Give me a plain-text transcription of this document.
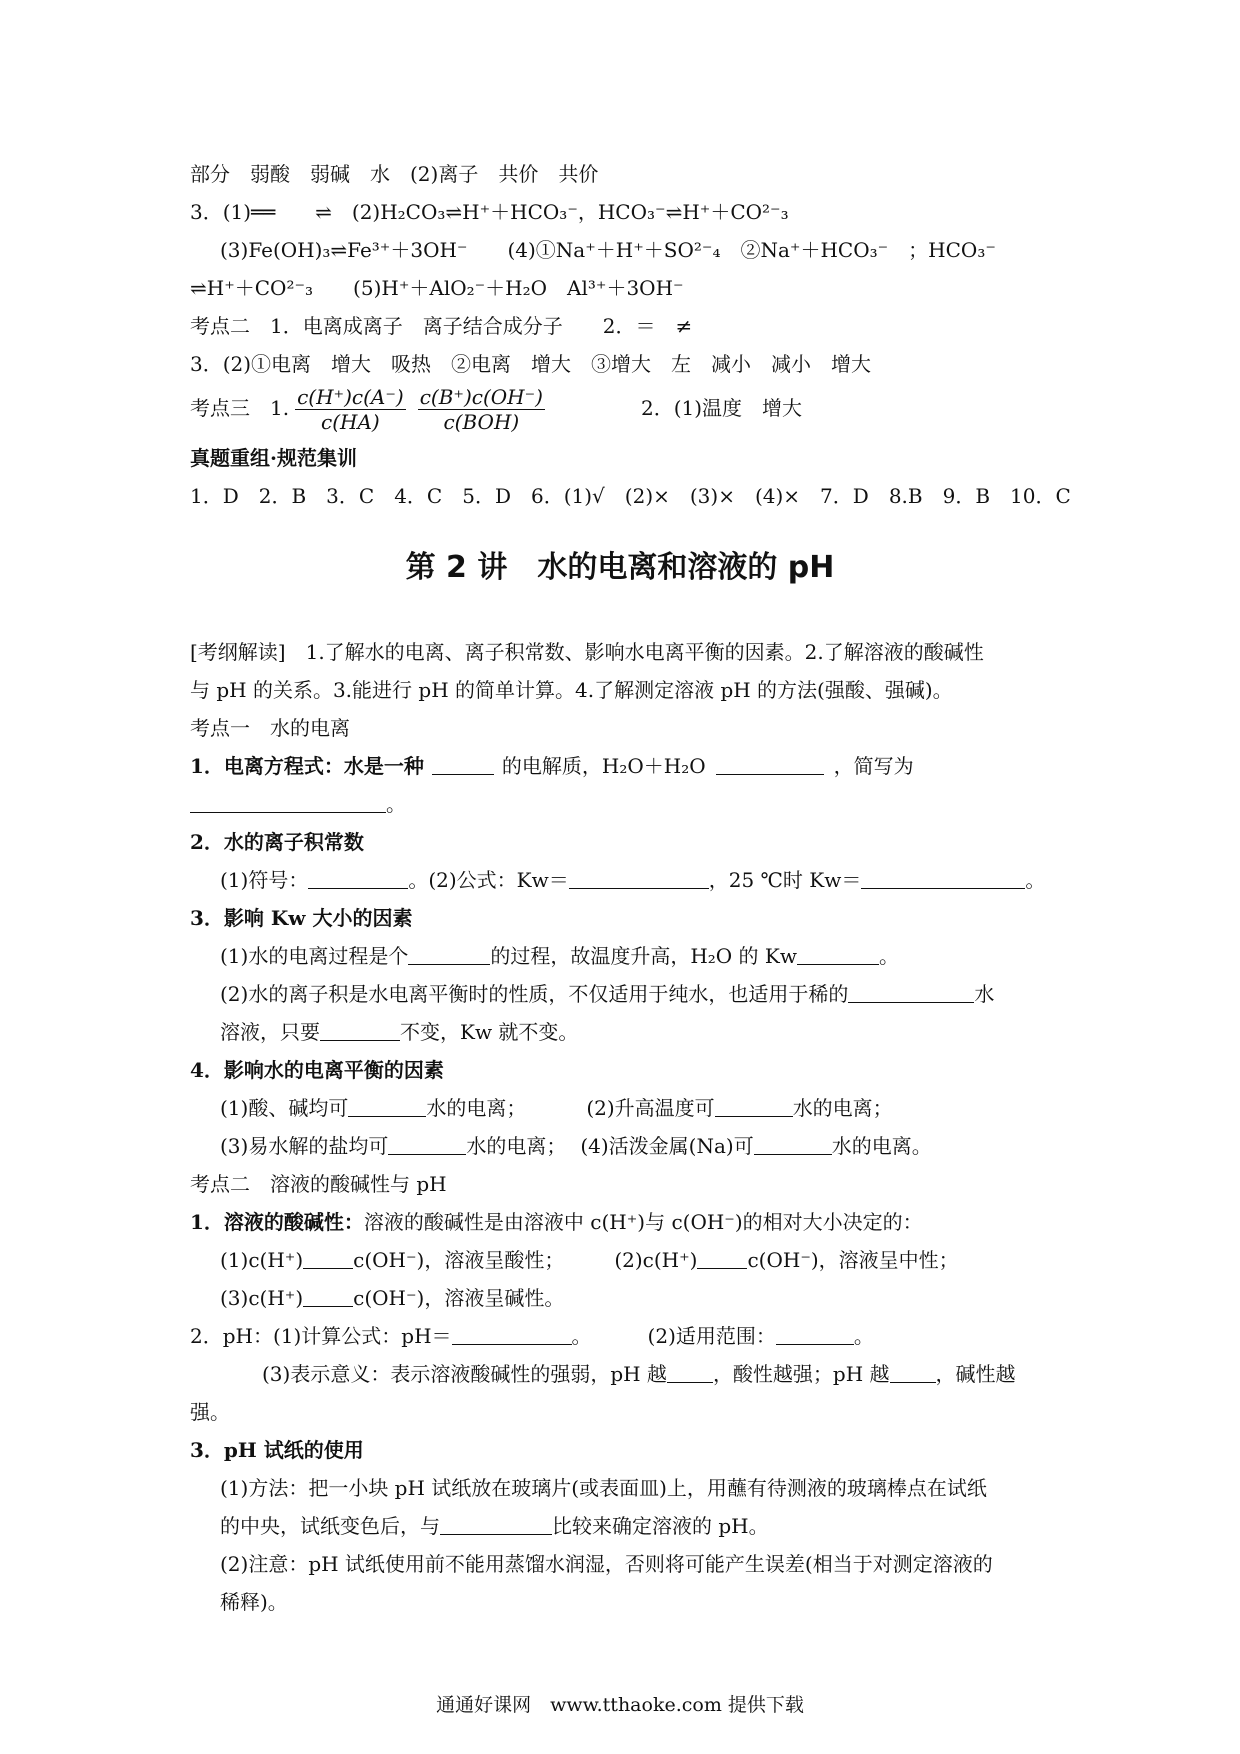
部分　弱酸　弱碱　水　(2)离子　共价　共价
3．(1)══　　⇌　(2)H₂CO₃⇌H⁺＋HCO₃⁻，HCO₃⁻⇌H⁺＋CO²⁻₃
(3)Fe(OH)₃⇌Fe³⁺＋3OH⁻　　(4)①Na⁺＋H⁺＋SO²⁻₄　②Na⁺＋HCO₃⁻　；HCO₃⁻
⇌H⁺＋CO²⁻₃　　(5)H⁺＋AlO₂⁻＋H₂O　Al³⁺＋3OH⁻
考点二　1．电离成离子　离子结合成分子　　2．＝　≠
3．(2)①电离　增大　吸热　②电离　增大　③增大　左　减小　减小　增大
考点三　1. $\frac{c(H^+)c(A^-)}{c(HA)} \frac{c(B^+)c(OH^-)}{\text{c(BOH)}}$	2．(1)温度　增大
真题重组·规范集训
1．D　2．B　3．C　4．C　5．D　6．(1)√　(2)×　(3)×　(4)×　7．D　8.B　9．B　10．C
第 2 讲　水的电离和溶液的 pH
[考纲解读]　1.了解水的电离、离子积常数、影响水电离平衡的因素。2.了解溶液的酸碱性
与 pH 的关系。3.能进行 pH 的简单计算。4.了解测定溶液 pH 的方法(强酸、强碱)。
考点一　水的电离
1．电离方程式：水是一种	的电解质，H₂O＋H₂O	，简写为
。
2．水的离子积常数
(1)符号：	。(2)公式：Kw＝	，25 ℃时 Kw＝	。
3．影响 Kw 大小的因素
(1)水的电离过程是个	的过程，故温度升高，H₂O 的 Kw	。
(2)水的离子积是水电离平衡时的性质，不仅适用于纯水，也适用于稀的	水
溶液，只要	不变，Kw 就不变。
4．影响水的电离平衡的因素
(1)酸、碱均可	水的电离；	(2)升高温度可	水的电离；
(3)易水解的盐均可	水的电离； (4)活泼金属(Na)可	水的电离。
考点二　溶液的酸碱性与 pH
1．溶液的酸碱性：溶液的酸碱性是由溶液中 c(H⁺)与 c(OH⁻)的相对大小决定的：
(1)c(H⁺)	c(OH⁻)，溶液呈酸性；	(2)c(H⁺)	c(OH⁻)，溶液呈中性；
(3)c(H⁺)	c(OH⁻)，溶液呈碱性。
2．pH：(1)计算公式：pH＝	。	(2)适用范围：	。
(3)表示意义：表示溶液酸碱性的强弱，pH 越 ，酸性越强；pH 越 ，碱性越
强。
3．pH 试纸的使用
(1)方法：把一小块 pH 试纸放在玻璃片(或表面皿)上，用蘸有待测液的玻璃棒点在试纸
的中央，试纸变色后，与	比较来确定溶液的 pH。
(2)注意：pH 试纸使用前不能用蒸馏水润湿，否则将可能产生误差(相当于对测定溶液的
稀释)。
通通好课网　www.tthaoke.com 提供下载
